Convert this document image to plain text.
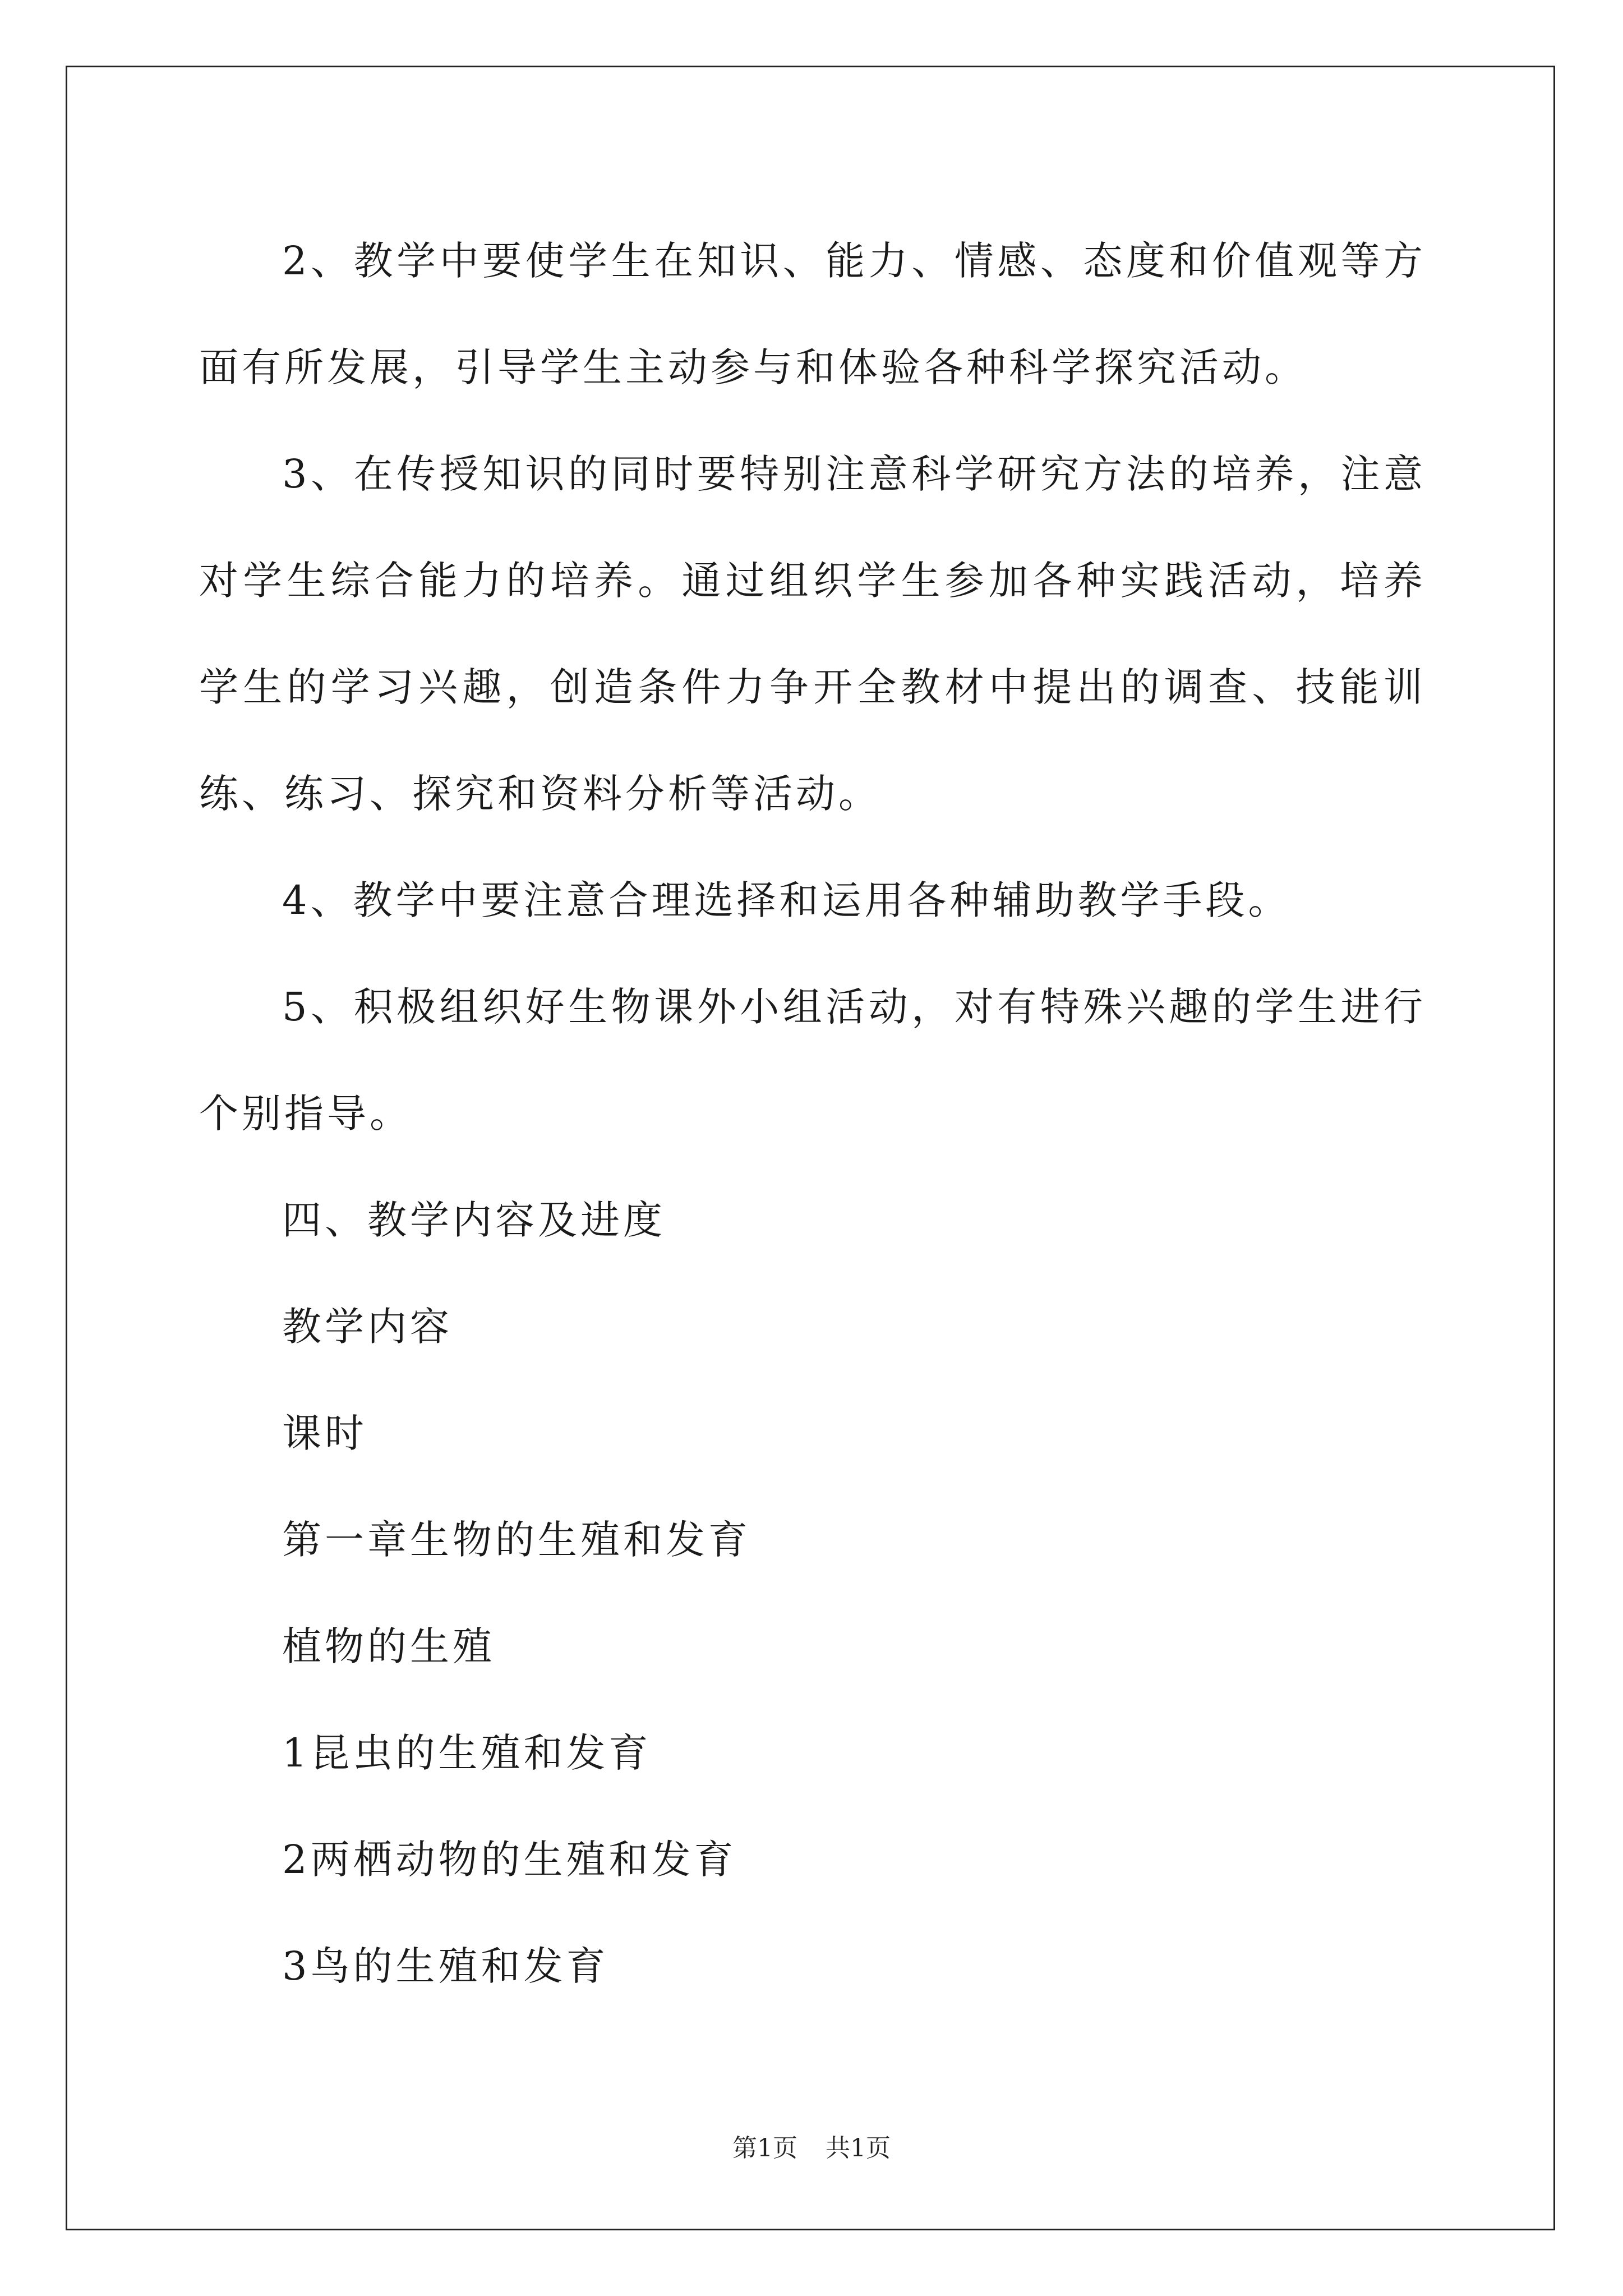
2、教学中要使学生在知识、能力、情感、态度和价值观等方面有所发展，引导学生主动参与和体验各种科学探究活动。

3、在传授知识的同时要特别注意科学研究方法的培养，注意对学生综合能力的培养。通过组织学生参加各种实践活动，培养学生的学习兴趣，创造条件力争开全教材中提出的调查、技能训练、练习、探究和资料分析等活动。

4、教学中要注意合理选择和运用各种辅助教学手段。

5、积极组织好生物课外小组活动，对有特殊兴趣的学生进行个别指导。

四、教学内容及进度

教学内容

课时

第一章生物的生殖和发育

植物的生殖

1昆虫的生殖和发育

2两栖动物的生殖和发育

3鸟的生殖和发育

第1页 共1页
